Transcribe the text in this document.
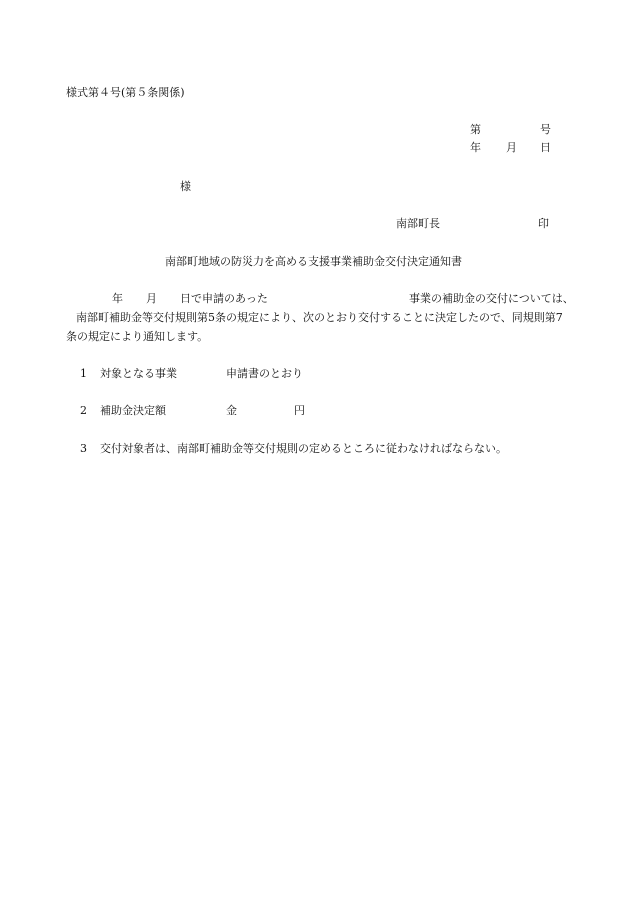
様式第４号(第５条関係)
第	号
年 月 日
様
南部町長	印
南部町地域の防災力を高める支援事業補助金交付決定通知書
年 月 日で申請のあった	事業の補助金の交付については、
南部町補助金等交付規則第5条の規定により、次のとおり交付することに決定したので、同規則第7
条の規定により通知します。
1 対象となる事業	申請書のとおり
2 補助金決定額	金	円
3 交付対象者は、南部町補助金等交付規則の定めるところに従わなければならない。
